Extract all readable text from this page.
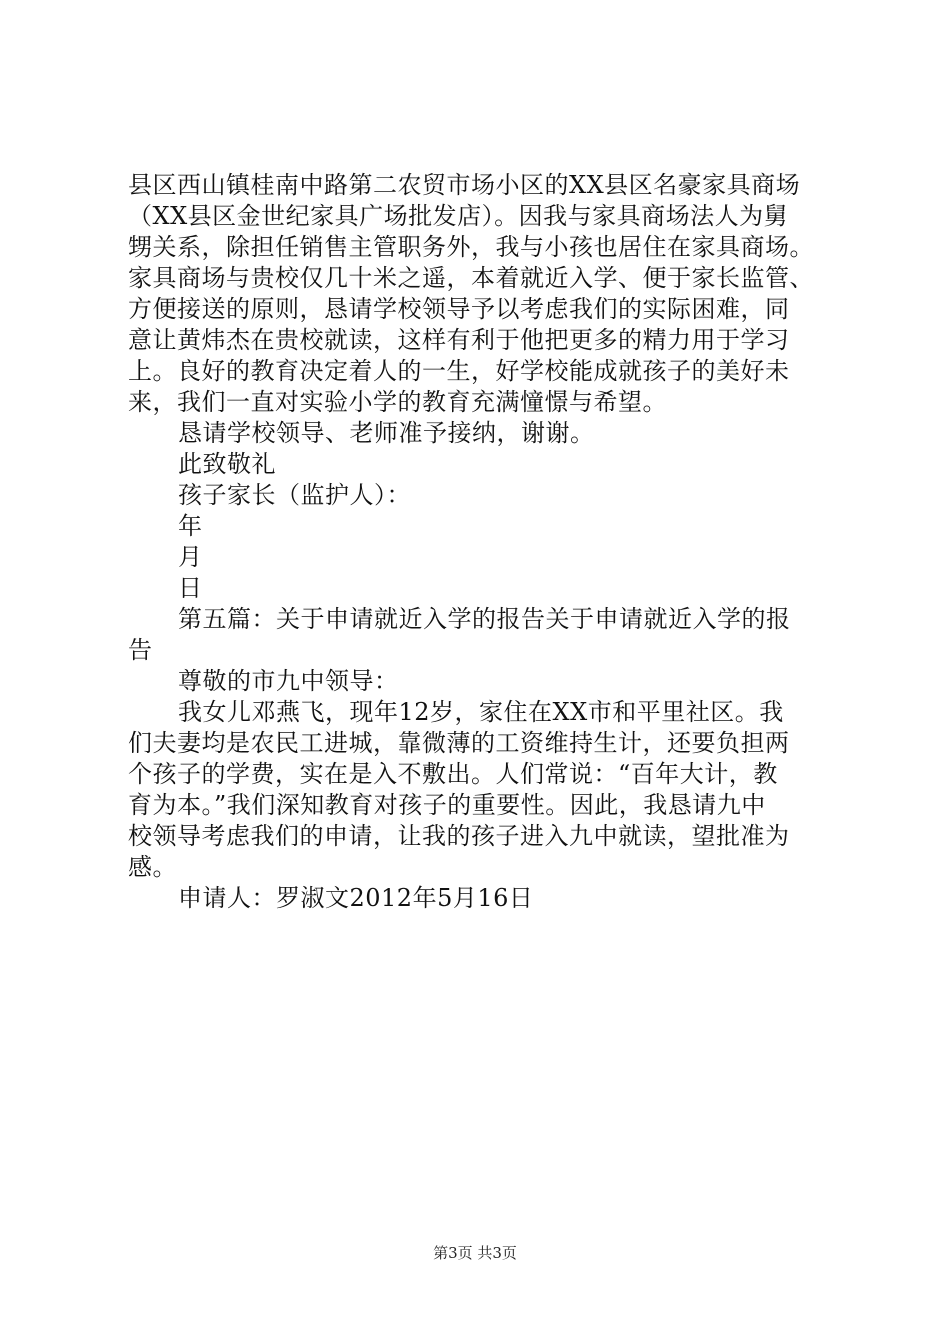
县区西山镇桂南中路第二农贸市场小区的XX县区名豪家具商场
（XX县区金世纪家具广场批发店）。因我与家具商场法人为舅
甥关系，除担任销售主管职务外，我与小孩也居住在家具商场。
家具商场与贵校仅几十米之遥，本着就近入学、便于家长监管、
方便接送的原则，恳请学校领导予以考虑我们的实际困难，同
意让黄炜杰在贵校就读，这样有利于他把更多的精力用于学习
上。良好的教育决定着人的一生，好学校能成就孩子的美好未
来，我们一直对实验小学的教育充满憧憬与希望。
恳请学校领导、老师准予接纳，谢谢。
此致敬礼
孩子家长（监护人）：
年
月
日
第五篇：关于申请就近入学的报告关于申请就近入学的报
告
尊敬的市九中领导：
我女儿邓燕飞，现年12岁，家住在XX市和平里社区。我
们夫妻均是农民工进城，靠微薄的工资维持生计，还要负担两
个孩子的学费，实在是入不敷出。人们常说：“百年大计，教
育为本。”我们深知教育对孩子的重要性。因此，我恳请九中
校领导考虑我们的申请，让我的孩子进入九中就读，望批准为
感。
申请人：罗淑文2012年5月16日
第3页 共3页
